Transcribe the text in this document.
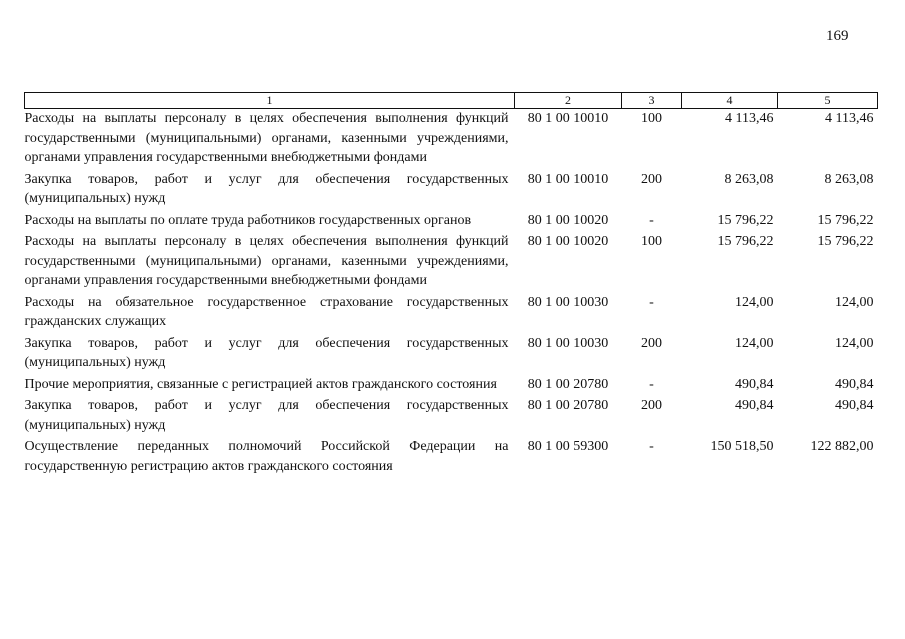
169
1	2	3	4	5
Расходы на выплаты персоналу в целях обеспечения выполнения функций государственными (муниципальными) органами, казенными учреждениями, органами управления государственными внебюджетными фондами	80 1 00 10010	100	4 113,46	4 113,46
Закупка товаров, работ и услуг для обеспечения государственных (муниципальных) нужд	80 1 00 10010	200	8 263,08	8 263,08
Расходы на выплаты по оплате труда работников государственных органов	80 1 00 10020	-	15 796,22	15 796,22
Расходы на выплаты персоналу в целях обеспечения выполнения функций государственными (муниципальными) органами, казенными учреждениями, органами управления государственными внебюджетными фондами	80 1 00 10020	100	15 796,22	15 796,22
Расходы на обязательное государственное страхование государственных гражданских служащих	80 1 00 10030	-	124,00	124,00
Закупка товаров, работ и услуг для обеспечения государственных (муниципальных) нужд	80 1 00 10030	200	124,00	124,00
Прочие мероприятия, связанные с регистрацией актов гражданского состояния	80 1 00 20780	-	490,84	490,84
Закупка товаров, работ и услуг для обеспечения государственных (муниципальных) нужд	80 1 00 20780	200	490,84	490,84
Осуществление переданных полномочий Российской Федерации на государственную регистрацию актов гражданского состояния	80 1 00 59300	-	150 518,50	122 882,00
